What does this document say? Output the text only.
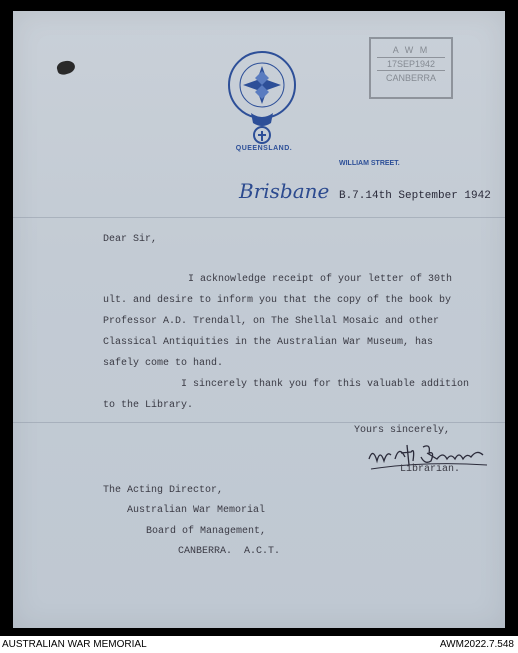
QUEENSLAND.
WILLIAM STREET.
A W M
17SEP1942
CANBERRA
Brisbane B.7.14th September 1942
Dear Sir,
I acknowledge receipt of your letter of 30th
ult. and desire to inform you that the copy of the book by
Professor A.D. Trendall, on The Shellal Mosaic and other
Classical Antiquities in the Australian War Museum, has
safely come to hand.
I sincerely thank you for this valuable addition
to the Library.
Yours sincerely,
Librarian.
The Acting Director,
Australian War Memorial
Board of Management,
CANBERRA.  A.C.T.
AUSTRALIAN WAR MEMORIAL	AWM2022.7.548
